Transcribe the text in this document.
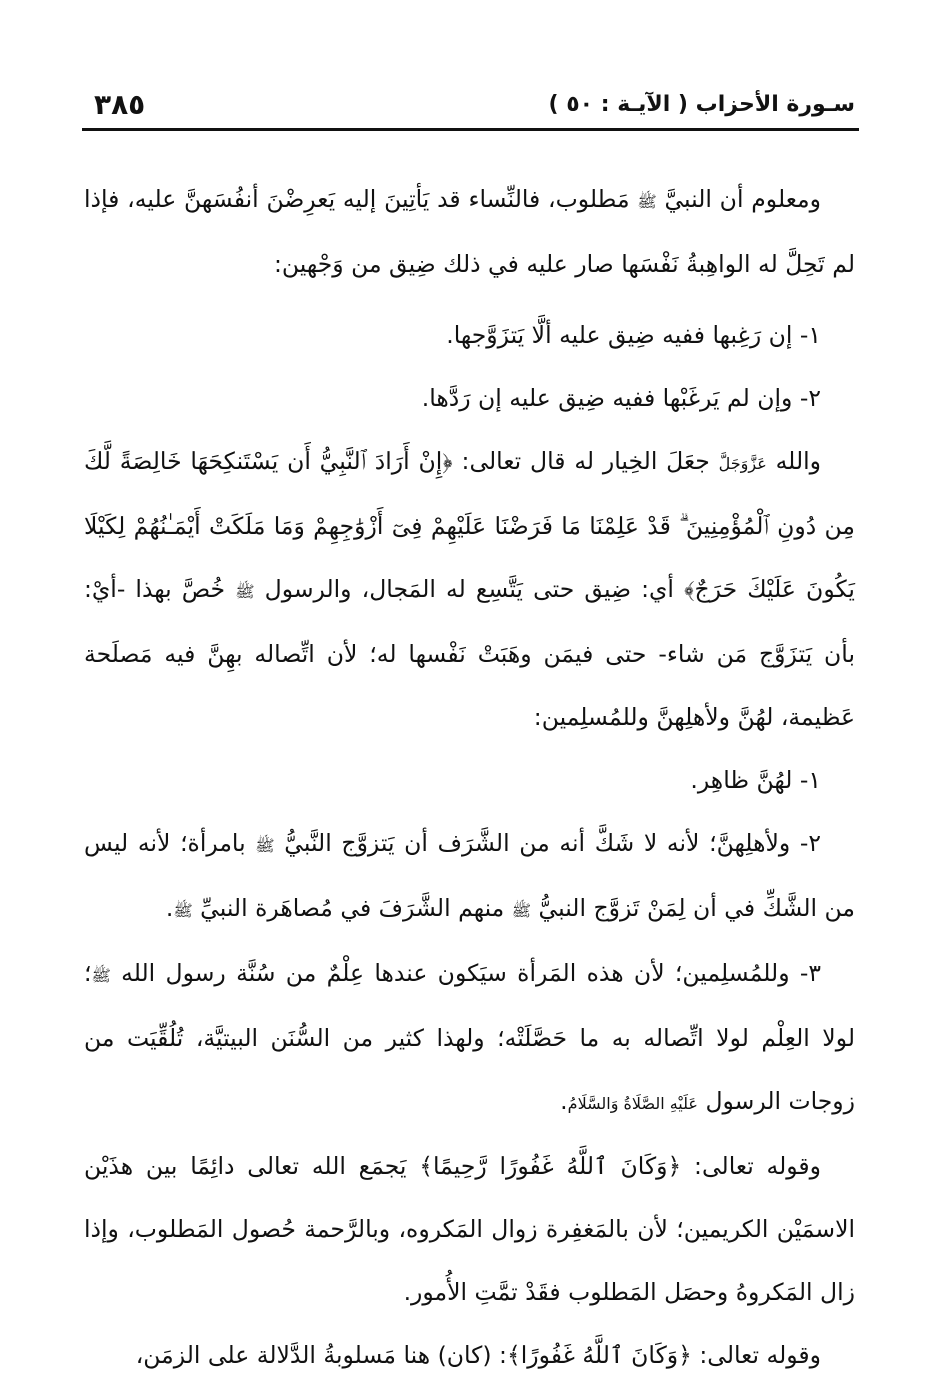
سـورة الأحزاب ( الآيـة : ٥٠ )
٣٨٥

ومعلوم أن النبيَّ ﷺ مَطلوب، فالنِّساء قد يَأتِينَ إليه يَعرِضْنَ أنفُسَهنَّ عليه، فإذا لم تَحِلَّ له الواهِبةُ نَفْسَها صار عليه في ذلك ضِيق من وَجْهين:

١- إن رَغِبها ففيه ضِيق عليه ألَّا يَتزَوَّجها.

٢- وإن لم يَرغَبْها ففيه ضِيق عليه إن رَدَّها.

والله عَزَّوَجَلَّ جعَلَ الخِيار له قال تعالى: ﴿إِنْ أَرَادَ ٱلنَّبِيُّ أَن يَسْتَنكِحَهَا خَالِصَةً لَّكَ مِن دُونِ ٱلْمُؤْمِنِينَ ۗ قَدْ عَلِمْنَا مَا فَرَضْنَا عَلَيْهِمْ فِىٓ أَزْوَٰجِهِمْ وَمَا مَلَكَتْ أَيْمَـٰنُهُمْ لِكَيْلَا يَكُونَ عَلَيْكَ حَرَجٌ﴾ أي: ضِيق حتى يَتَّسِع له المَجال، والرسول ﷺ خُصَّ بهذا -أيْ: بأن يَتزَوَّج مَن شاء- حتى فيمَن وهَبَتْ نَفْسها له؛ لأن اتِّصاله بهِنَّ فيه مَصلَحة عَظيمة، لهُنَّ ولأهلِهنَّ وللمُسلِمين:

١- لهُنَّ ظاهِر.

٢- ولأهلِهنَّ؛ لأنه لا شَكَّ أنه من الشَّرَف أن يَتزوَّج النَّبيُّ ﷺ بامرأة؛ لأنه ليس من الشَّكِّ في أن لِمَنْ تَزوَّج النبيُّ ﷺ منهم الشَّرَفَ في مُصاهَرة النبيِّ ﷺ.

٣- وللمُسلِمين؛ لأن هذه المَرأة سيَكون عندها عِلْمٌ من سُنَّة رسول الله ﷺ؛ لولا العِلْم لولا اتِّصاله به ما حَصَّلَتْه؛ ولهذا كثير من السُّنَن البيتيَّة، تُلُقِّيَت من زوجات الرسول عَلَيْهِ الصَّلَاةُ وَالسَّلَامُ.

وقوله تعالى: ﴿وَكَانَ ٱللَّهُ غَفُورًا رَّحِيمًا﴾ يَجمَع الله تعالى دائِمًا بين هذَيْن الاسمَيْن الكريمين؛ لأن بالمَغفِرة زوال المَكروه، وبالرَّحمة حُصول المَطلوب، وإذا زال المَكروهُ وحصَل المَطلوب فقَدْ تمَّتِ الأُمور.

وقوله تعالى: ﴿وَكَانَ ٱللَّهُ غَفُورًا﴾: (كان) هنا مَسلوبةُ الدَّلالة على الزمَن،
